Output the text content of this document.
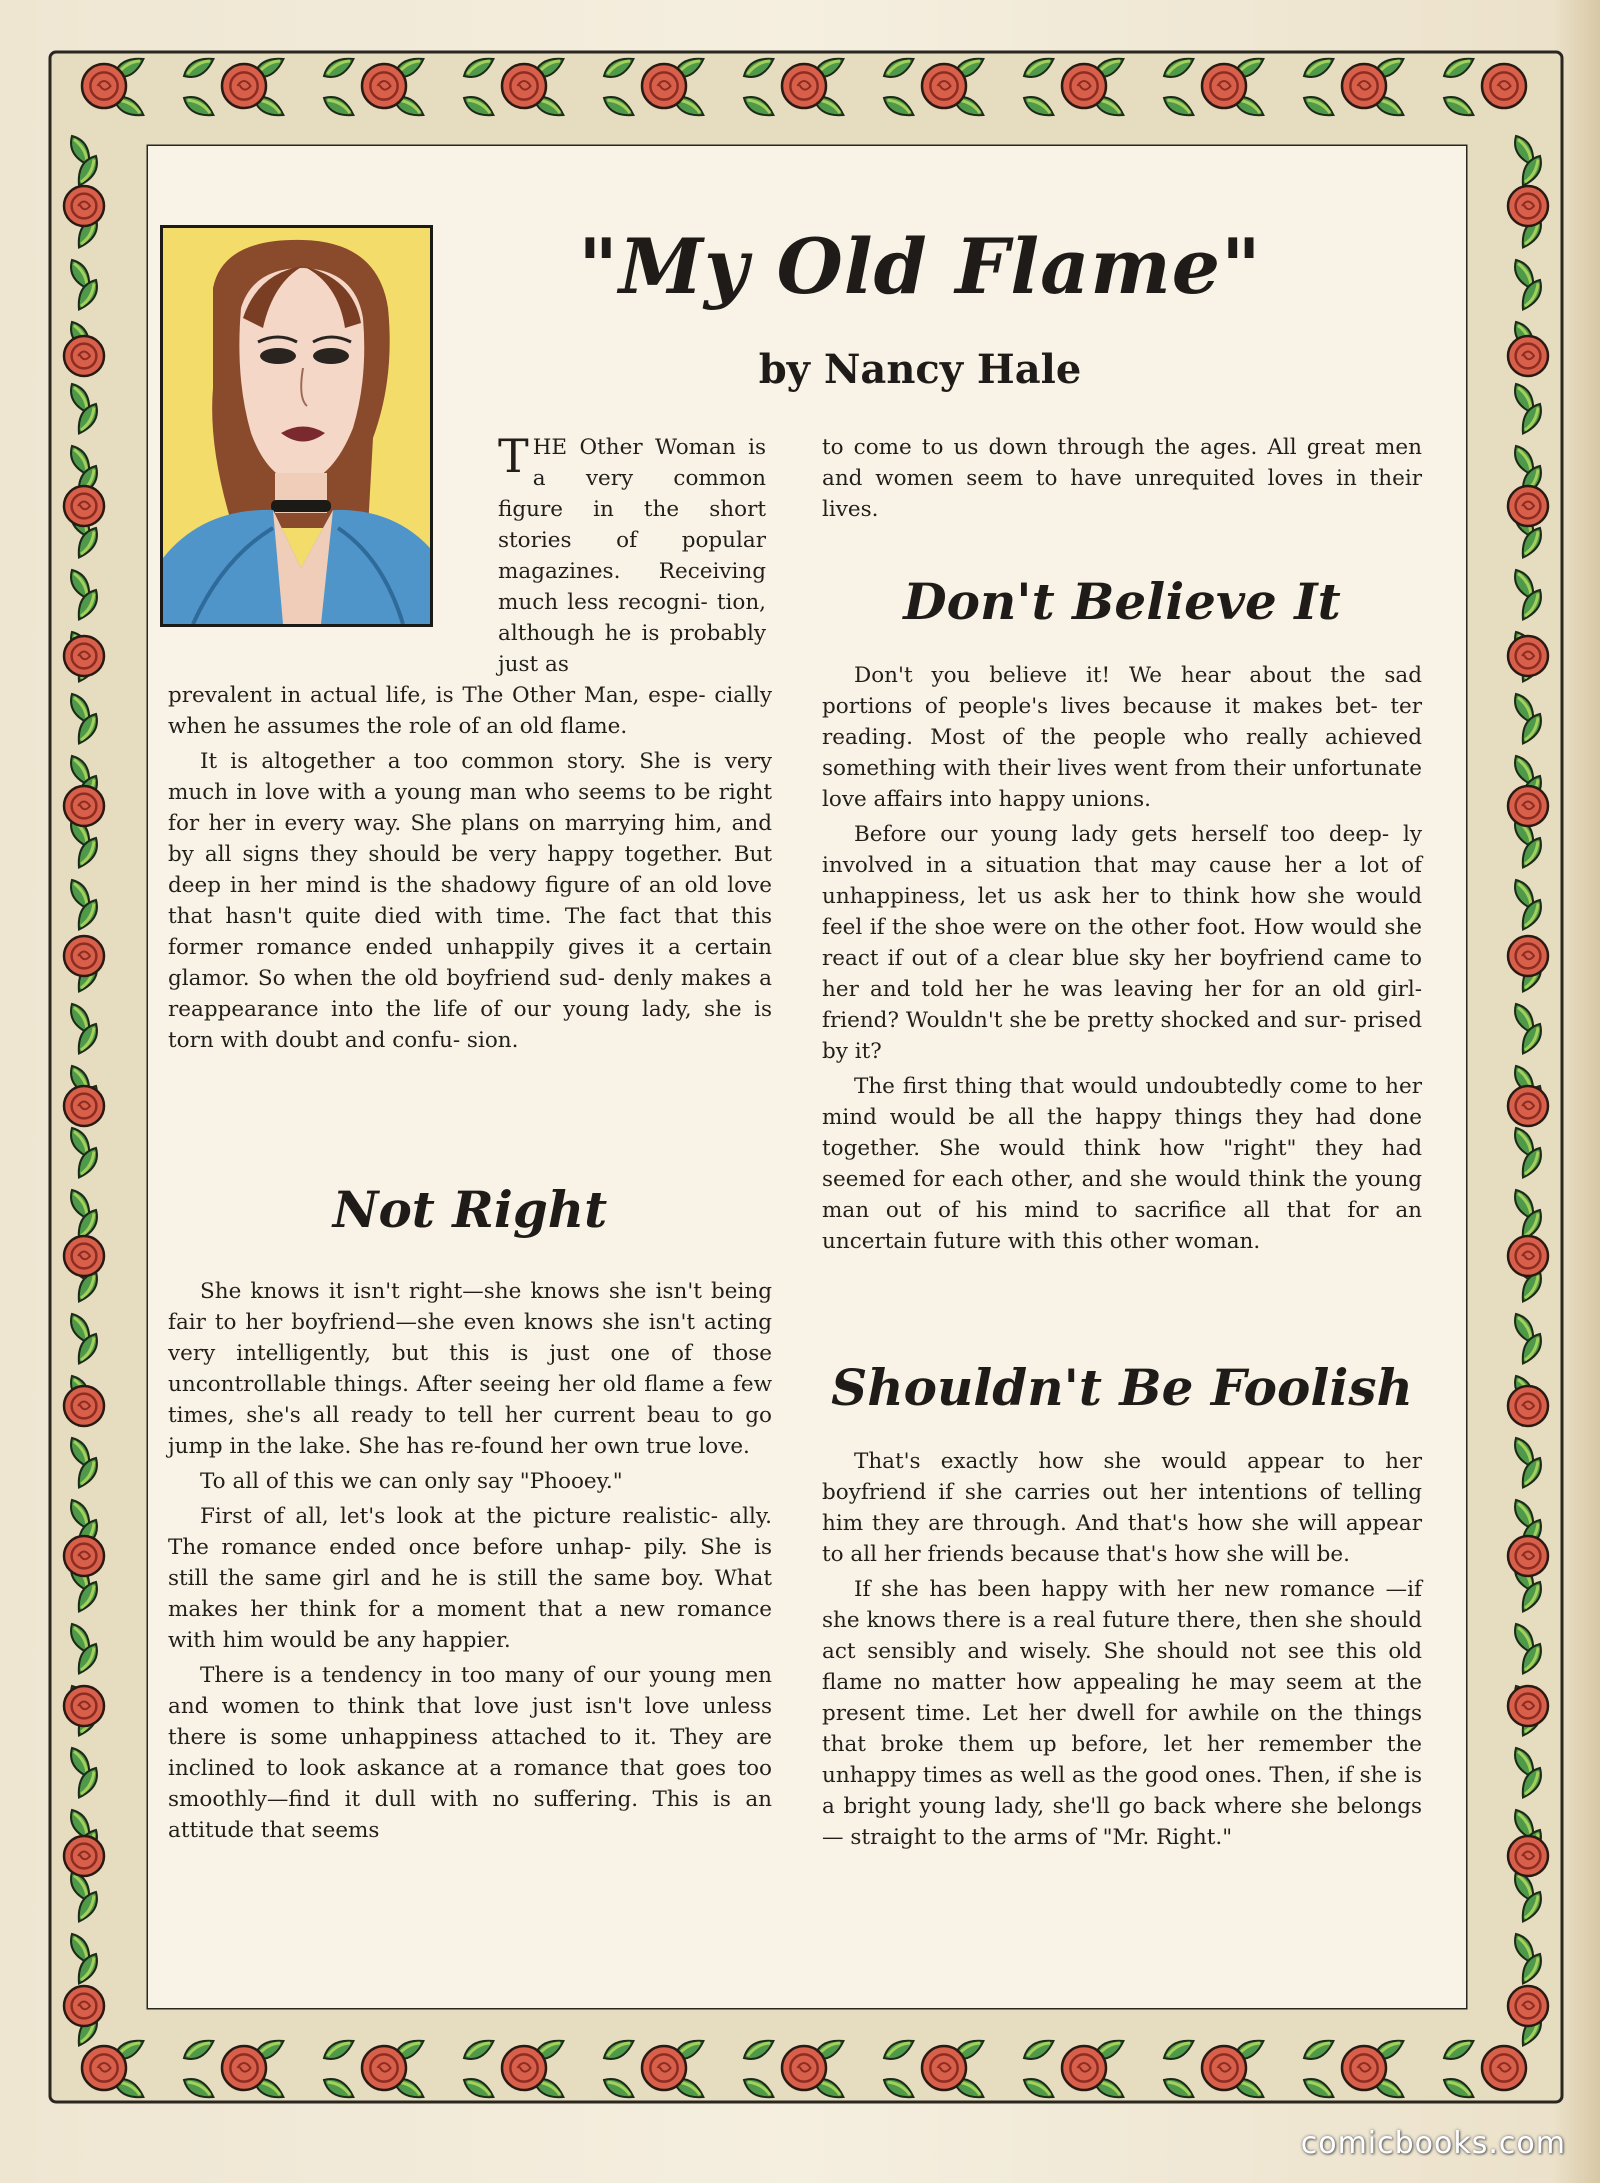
"My Old Flame"
by Nancy Hale

THE Other Woman is a very common figure in the short stories of popular magazines. Receiving much less recogni- tion, although he is probably just as

prevalent in actual life, is The Other Man, espe- cially when he assumes the role of an old flame.

It is altogether a too common story. She is very much in love with a young man who seems to be right for her in every way. She plans on marrying him, and by all signs they should be very happy together. But deep in her mind is the shadowy figure of an old love that hasn't quite died with time. The fact that this former romance ended unhappily gives it a certain glamor. So when the old boyfriend sud- denly makes a reappearance into the life of our young lady, she is torn with doubt and confu- sion.

Not Right

She knows it isn't right—she knows she isn't being fair to her boyfriend—she even knows she isn't acting very intelligently, but this is just one of those uncontrollable things. After seeing her old flame a few times, she's all ready to tell her current beau to go jump in the lake. She has re-found her own true love.

To all of this we can only say "Phooey."

First of all, let's look at the picture realistic- ally. The romance ended once before unhap- pily. She is still the same girl and he is still the same boy. What makes her think for a moment that a new romance with him would be any happier.

There is a tendency in too many of our young men and women to think that love just isn't love unless there is some unhappiness attached to it. They are inclined to look askance at a romance that goes too smoothly—find it dull with no suffering. This is an attitude that seems

to come to us down through the ages. All great men and women seem to have unrequited loves in their lives.

Don't Believe It

Don't you believe it! We hear about the sad portions of people's lives because it makes bet- ter reading. Most of the people who really achieved something with their lives went from their unfortunate love affairs into happy unions.

Before our young lady gets herself too deep- ly involved in a situation that may cause her a lot of unhappiness, let us ask her to think how she would feel if the shoe were on the other foot. How would she react if out of a clear blue sky her boyfriend came to her and told her he was leaving her for an old girl- friend? Wouldn't she be pretty shocked and sur- prised by it?

The first thing that would undoubtedly come to her mind would be all the happy things they had done together. She would think how "right" they had seemed for each other, and she would think the young man out of his mind to sacrifice all that for an uncertain future with this other woman.

Shouldn't Be Foolish

That's exactly how she would appear to her boyfriend if she carries out her intentions of telling him they are through. And that's how she will appear to all her friends because that's how she will be.

If she has been happy with her new romance —if she knows there is a real future there, then she should act sensibly and wisely. She should not see this old flame no matter how appealing he may seem at the present time. Let her dwell for awhile on the things that broke them up before, let her remember the unhappy times as well as the good ones. Then, if she is a bright young lady, she'll go back where she belongs— straight to the arms of "Mr. Right."

comicbooks.com
